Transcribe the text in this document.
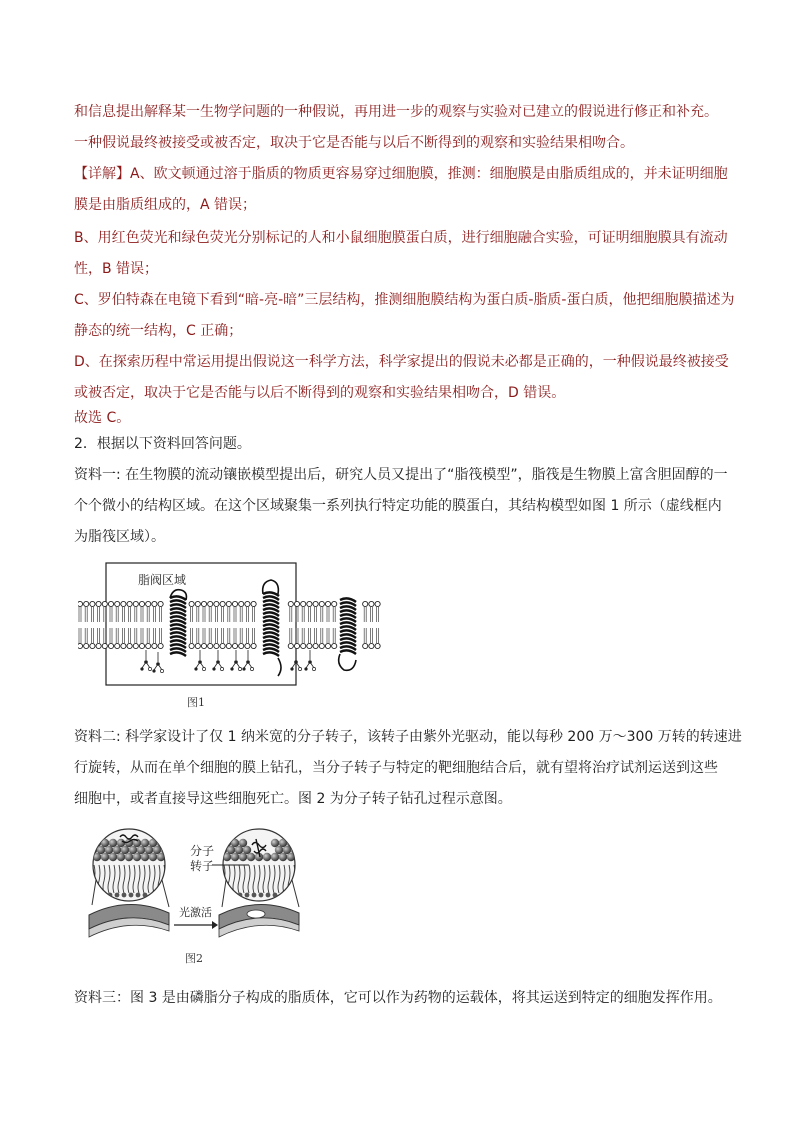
和信息提出解释某一生物学问题的一种假说，再用进一步的观察与实验对已建立的假说进行修正和补充。
一种假说最终被接受或被否定，取决于它是否能与以后不断得到的观察和实验结果相吻合。
【详解】A、欧文顿通过溶于脂质的物质更容易穿过细胞膜，推测：细胞膜是由脂质组成的，并未证明细胞
膜是由脂质组成的，A 错误；
B、用红色荧光和绿色荧光分别标记的人和小鼠细胞膜蛋白质，进行细胞融合实验，可证明细胞膜具有流动
性，B 错误；
C、罗伯特森在电镜下看到“暗-亮-暗”三层结构，推测细胞膜结构为蛋白质-脂质-蛋白质，他把细胞膜描述为
静态的统一结构，C 正确；
D、在探索历程中常运用提出假说这一科学方法，科学家提出的假说未必都是正确的，一种假说最终被接受
或被否定，取决于它是否能与以后不断得到的观察和实验结果相吻合，D 错误。
故选 C。
2．根据以下资料回答问题。
资料一: 在生物膜的流动镶嵌模型提出后，研究人员又提出了“脂筏模型”，脂筏是生物膜上富含胆固醇的一
个个微小的结构区域。在这个区域聚集一系列执行特定功能的膜蛋白，其结构模型如图 1 所示（虚线框内
为脂筏区域）。
脂阀区域
图1
资料二: 科学家设计了仅 1 纳米宽的分子转子，该转子由紫外光驱动，能以每秒 200 万～300 万转的转速进
行旋转，从而在单个细胞的膜上钻孔，当分子转子与特定的靶细胞结合后，就有望将治疗试剂运送到这些
细胞中，或者直接导这些细胞死亡。图 2 为分子转子钻孔过程示意图。
分子
转子
光激活
图2
资料三：图 3 是由磷脂分子构成的脂质体，它可以作为药物的运载体，将其运送到特定的细胞发挥作用。
